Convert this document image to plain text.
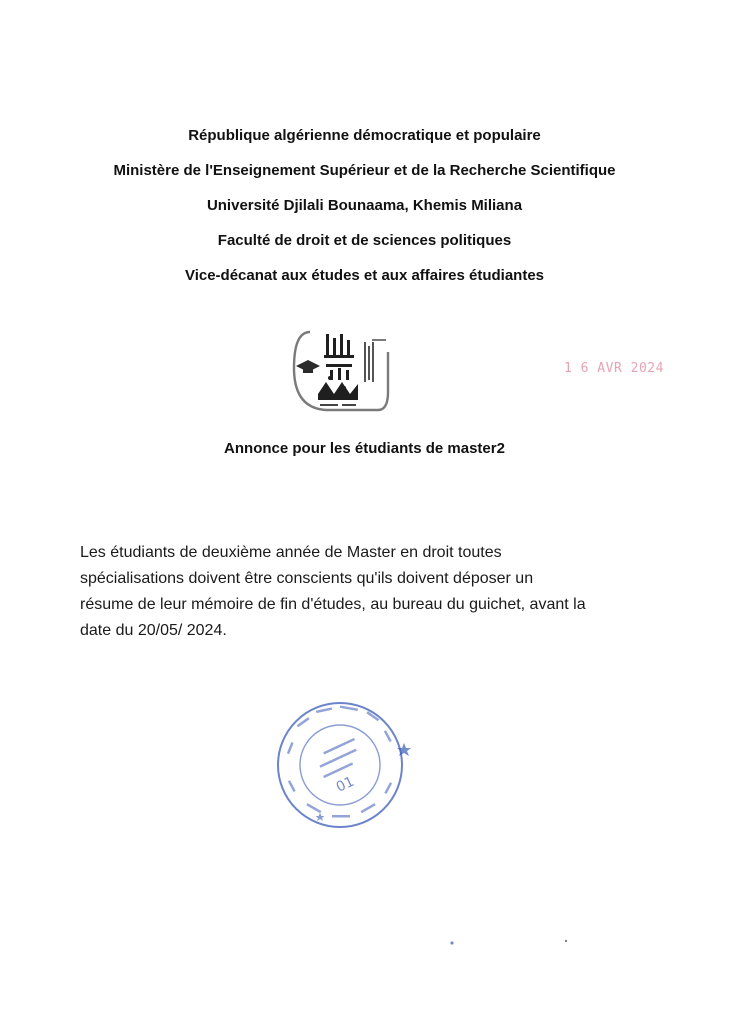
République algérienne démocratique et populaire
Ministère de l'Enseignement Supérieur et de la Recherche Scientifique
Université Djilali Bounaama, Khemis Miliana
Faculté de droit et de sciences politiques
Vice-décanat aux études et aux affaires étudiantes
1 6 AVR 2024
Annonce pour les étudiants de master2
Les étudiants de deuxième année de Master en droit toutes
spécialisations doivent être conscients qu'ils doivent déposer un
résume de leur mémoire de fin d'études, au bureau du guichet, avant la
date du 20/05/ 2024.
01
